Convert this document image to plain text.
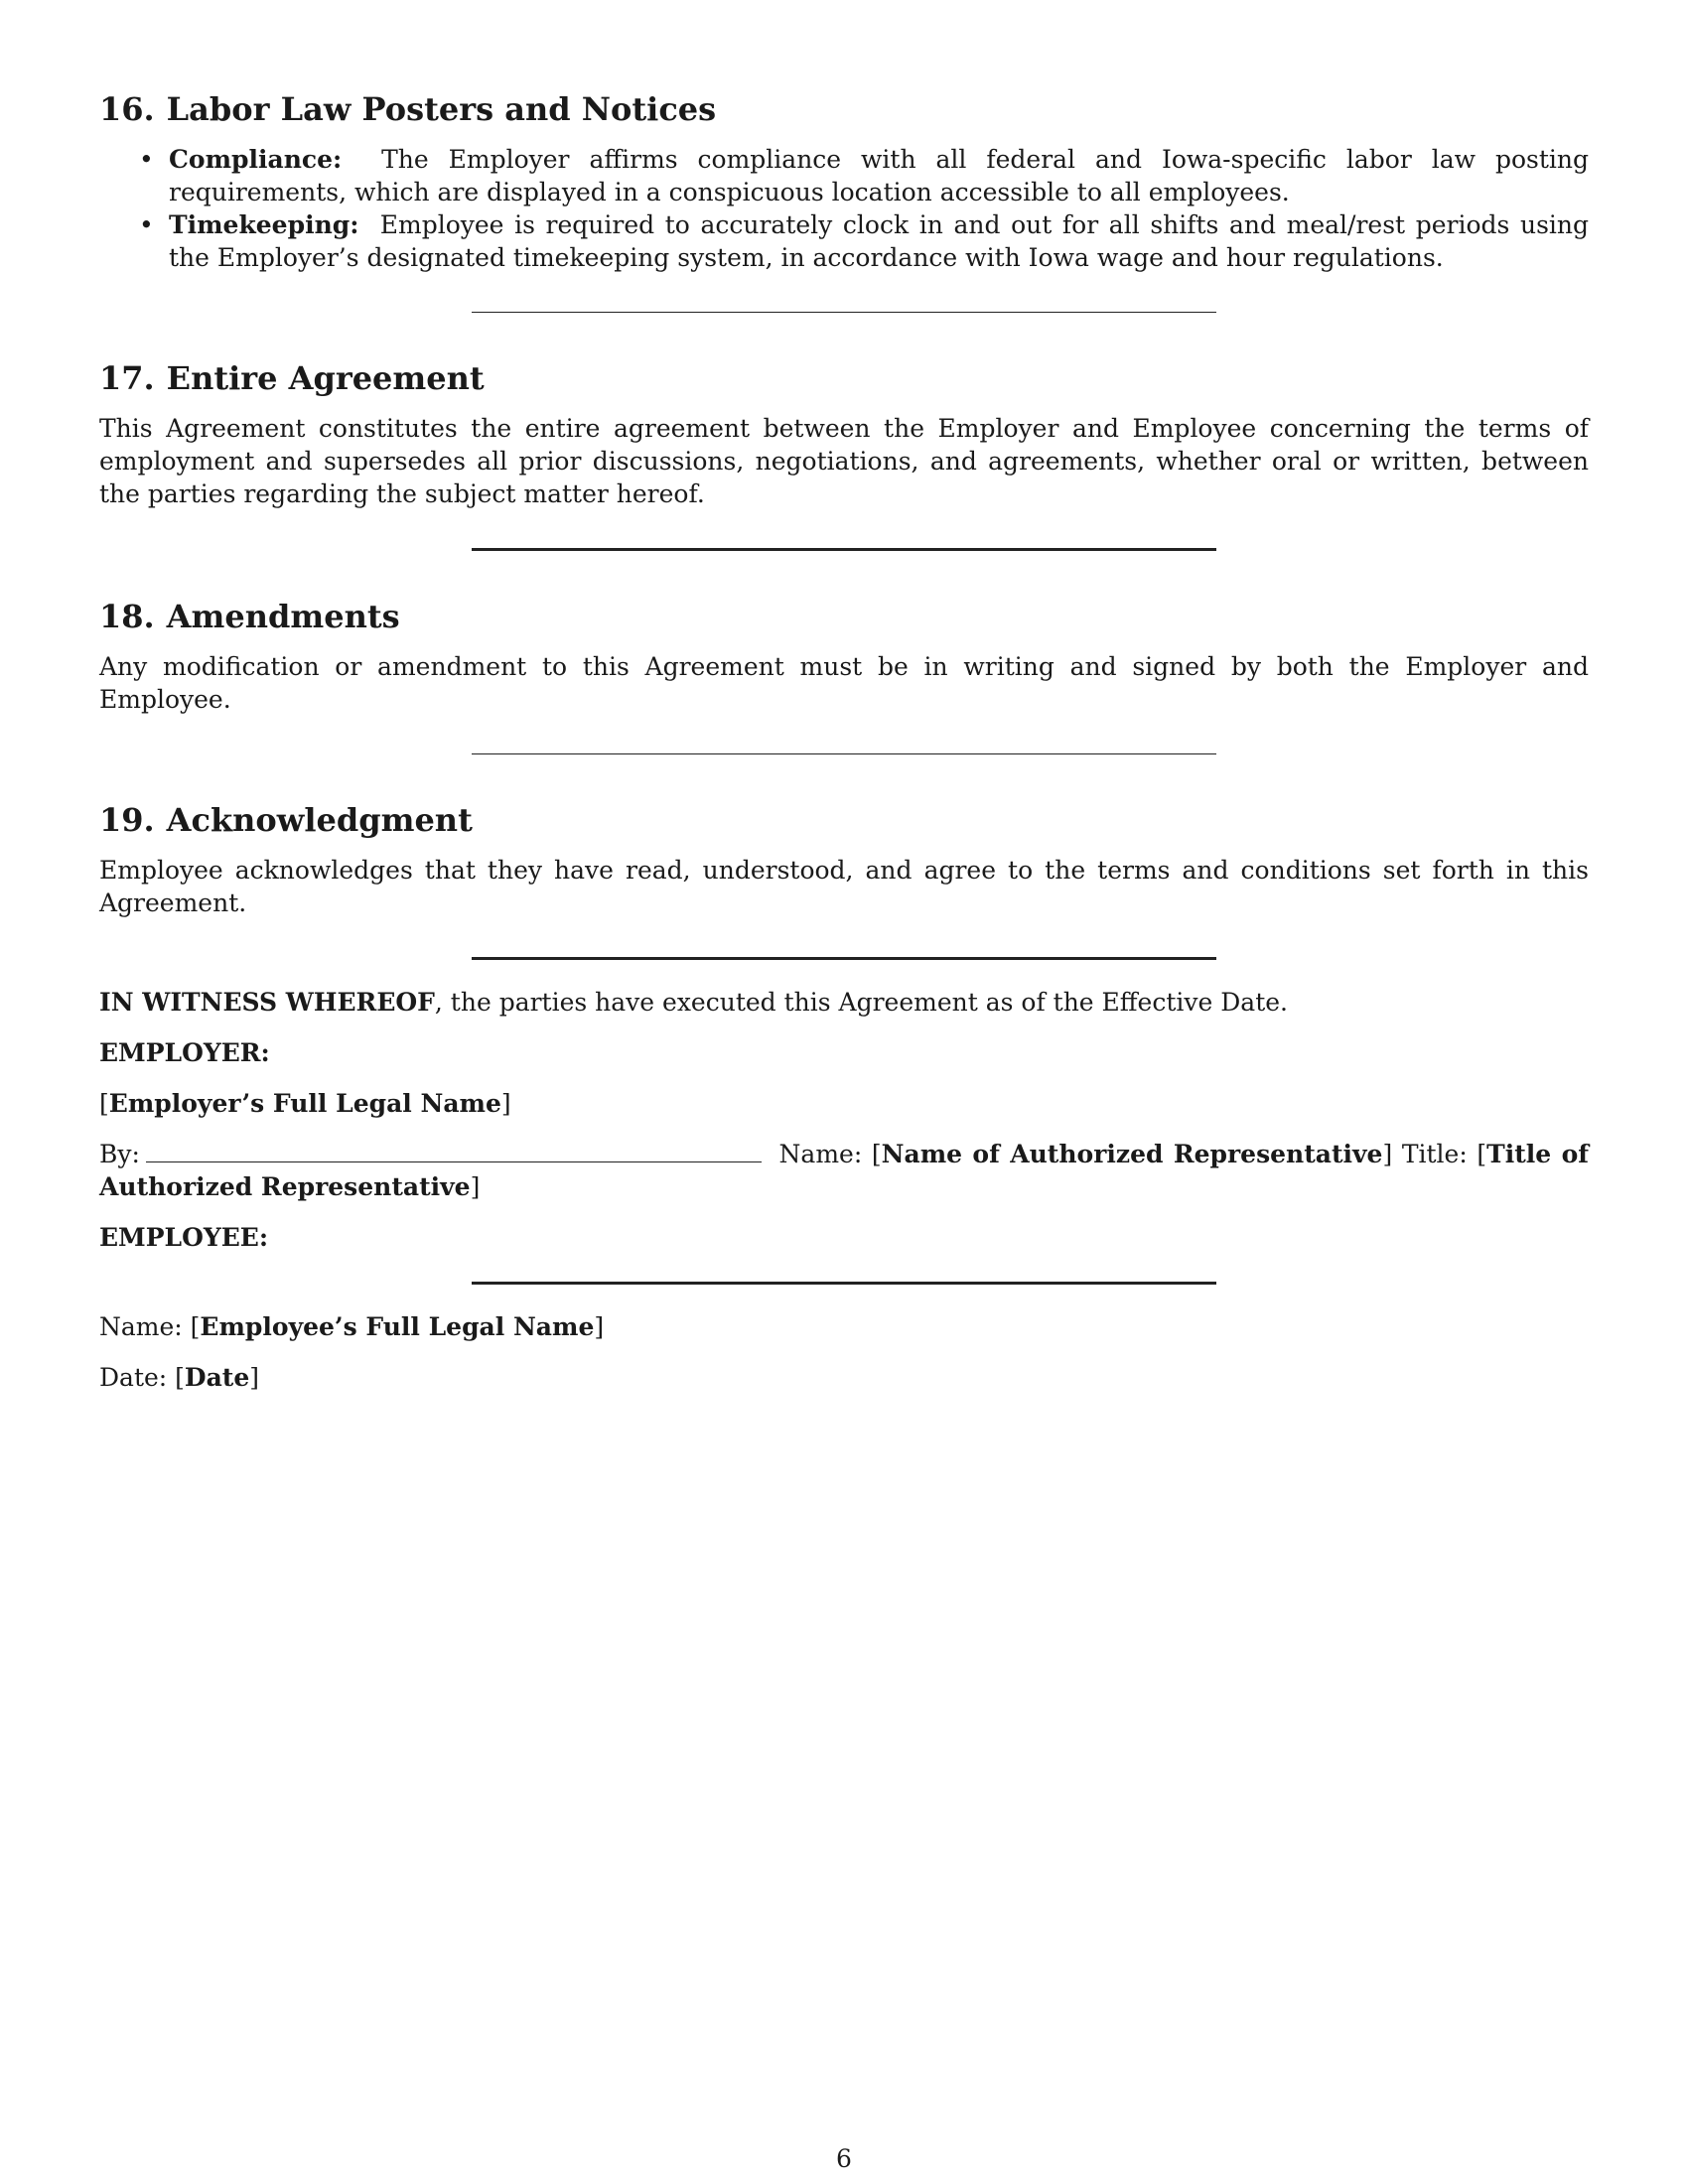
16. Labor Law Posters and Notices
• Compliance: The Employer affirms compliance with all federal and Iowa-specific labor law posting requirements, which are displayed in a conspicuous location accessible to all employees.
• Timekeeping: Employee is required to accurately clock in and out for all shifts and meal/rest periods using the Employer’s designated timekeeping system, in accordance with Iowa wage and hour regulations.
17. Entire Agreement

This Agreement constitutes the entire agreement between the Employer and Employee concerning the terms of employment and supersedes all prior discussions, negotiations, and agreements, whether oral or written, between the parties regarding the subject matter hereof.

18. Amendments

Any modification or amendment to this Agreement must be in writing and signed by both the Employer and Employee.

19. Acknowledgment

Employee acknowledges that they have read, understood, and agree to the terms and conditions set forth in this Agreement.

IN WITNESS WHEREOF, the parties have executed this Agreement as of the Effective Date.

EMPLOYER:

[Employer’s Full Legal Name]

By:	Name: [Name of Authorized Representative] Title: [Title of Authorized Representative]

EMPLOYEE:

Name: [Employee’s Full Legal Name]

Date: [Date]

6
